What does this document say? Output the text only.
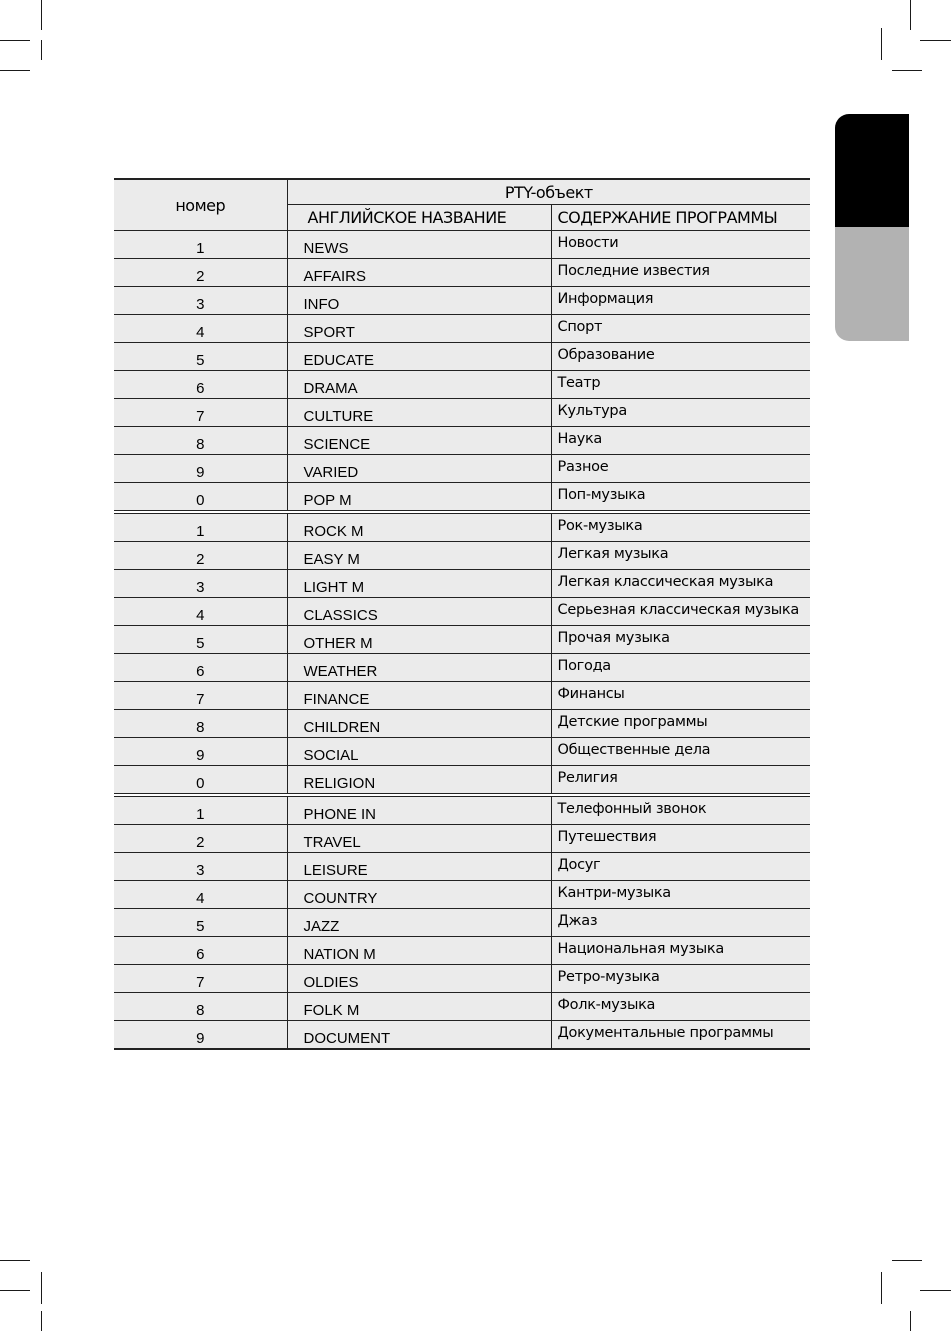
номер	PTY-объект	
	АНГЛИЙСКОЕ НАЗВАНИЕ	СОДЕРЖАНИЕ ПРОГРАММЫ
1	NEWS	Новости
2	AFFAIRS	Последние известия
3	INFO	Информация
4	SPORT	Спорт
5	EDUCATE	Образование
6	DRAMA	Театр
7	CULTURE	Культура
8	SCIENCE	Наука
9	VARIED	Разное
0	POP M	Поп-музыка
1	ROCK M	Рок-музыка
2	EASY M	Легкая музыка
3	LIGHT M	Легкая классическая музыка
4	CLASSICS	Серьезная классическая музыка
5	OTHER M	Прочая музыка
6	WEATHER	Погода
7	FINANCE	Финансы
8	CHILDREN	Детские программы
9	SOCIAL	Общественные дела
0	RELIGION	Религия
1	PHONE IN	Телефонный звонок
2	TRAVEL	Путешествия
3	LEISURE	Досуг
4	COUNTRY	Кантри-музыка
5	JAZZ	Джаз
6	NATION M	Национальная музыка
7	OLDIES	Ретро-музыка
8	FOLK M	Фолк-музыка
9	DOCUMENT	Документальные программы
